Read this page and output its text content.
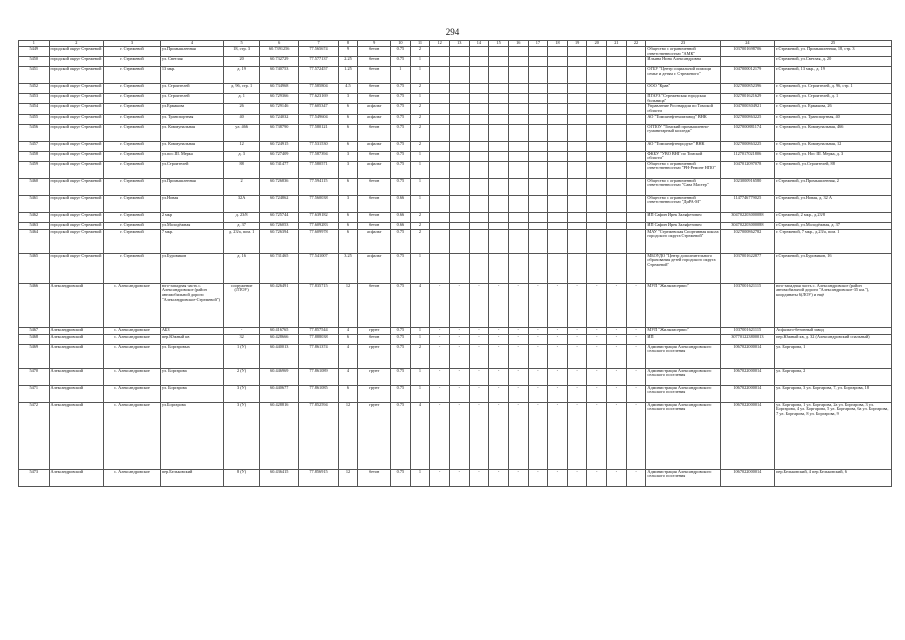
294
1	2	3	4	5	6	7	8	9	10	11	12	13	14	15	16	17	18	19	20	21	22	23	24	25
5449	городской округ Стрежевой	г. Стрежевой	ул.Промышленная	18, стр. 3	60.7391256	77.565674	9	бетон	0.75	2												Общество с ограниченной ответственностью "АМК"	1037001698706	г.Стрежевой, ул. Промышленная, 18, стр. 3
5450	городской округ Стрежевой	г. Стрежевой	ул. Светлая	20	60.732729	77.577137	2.25	бетон	0.75	1												Ильина Нина Александровна		г.Стрежевой, ул.Светлая, д. 20
5451	городской округ Стрежевой	г. Стрежевой	13 мкр.	д. 19	60.740753	77.572457	1.25	бетон	1	1												ОГБУ "Центр социальной помощи семье и детям г. Стрежевого"	1047000012179	г.Стрежевой, 13 мкр., д. 19
5452	городской округ Стрежевой	г. Стрежевой	ул. Строителей	д. 96, стр. 1	60.734968	77.585804	4.5	бетон	0.75	2												ООО "Крав"	1027000852396	г. Стрежевой, ул. Строителей, д. 96, стр. 1
5453	городской округ Стрежевой	г. Стрежевой	ул. Строителей	д. 1	60.729366	77.623169	3	бетон	0.75	1												ПГАУЗ "Стрежевская городская больница"	1027001621629	г. Стрежевой, ул. Строителей, д. 1
5454	городской округ Стрежевой	г. Стрежевой	ул.Ермакова	26	60.729146	77.605347	6	асфальт	0.75	2												Управление Росгвардии по Томской области	1047000304921	г. Стрежевой, ул. Ермакова, 26
5455	городской округ Стрежевой	г. Стрежевой	ул. Транспортная	40	60.724032	77.549604	6	асфальт	0.75	2												АО "Томскнефтехимзавод" ВНК	1027000863225	г. Стрежевой, ул. Транспортная, 40
5456	городской округ Стрежевой	г. Стрежевой	ул. Коммунальная	ул. 466	60.738790	77.580121	6	бетон	0.75	2												ОГПОУ "Томский промышленно-гуманитарный колледж"	1027000881174	г. Стрежевой, ул. Коммунальная, 466
5457	городской округ Стрежевой	г. Стрежевой	ул. Коммунальная	12	60.724915	77.531530	6	асфальт	0.75	2												АО "Томскнефтепродукт" ВНК	1027000863225	г. Стрежевой, ул. Коммунальная, 12
5458	городской округ Стрежевой	г. Стрежевой	ул.пос.III. Мерка	д. 3	60.727409	77.587394	3	бетон	0.75	1												ФКБУ "УВО ВНГ по Томской области"	1127017021806	г. Стрежевой, ул. Нос III. Мерка, д. 3
5459	городской округ Стрежевой	г. Стрежевой	ул.Строителей	88	60.741477	77.580571	3	асфальт	0.75	1												Общество с ограниченной ответственностью "РН-Ремонт НПО"	1047012097078	г. Стрежевой, ул.Строителей, 88
5460	городской округ Стрежевой	г. Стрежевой	ул.Промышленная	2	60.726836	77.594115	6	бетон	0.75	1												Общество с ограниченной ответственностью "Сава Мастер"	1023000916580	г.Стрежевой, ул.Промышленная, 2
5461	городской округ Стрежевой	г. Стрежевой	ул.Новая	32А	60.724862	77.560038	3	бетон	0.66	1												Общество с ограниченной ответственностью "ДиРА-М"	1147746779025	г.Стрежевой, ул.Новая, д. 32 А
5462	городской округ Стрежевой	г. Стрежевой	2 мкр	д. 23/8	60.725744	77.639182	6	бетон	0.66	2												ИП Сафин Ирек Заляфетович	304702203000088	г.Стрежевой, 2 мкр., д.23/8
5463	городской округ Стрежевой	г. Стрежевой	ул.Молодёжная	д. 37	60.726053	77.609283	6	бетон	0.66	2												ИП Сафин Ирек Заляфетович	304702203000088	г.Стрежевой, ул.Молодёжная, д. 37
5464	городской округ Стрежевой	г. Стрежевой	7 мкр.	д. 23/а, пом. 1	60.726394	77.609978	6	асфальт	0.75	2												МАУ "Стрежевская Спортивная школа городского округа Стрежевой"	1027000862782	г. Стрежевой, 7 мкр., д.23/а, пом. 1
5465	городской округ Стрежевой	г. Стрежевой	ул.Буровиков	д. 16	60.731465	77.541007	3.25	асфальт	0.75	1												МБОУДО "Центр дополнительного образования детей городского округа Стрежевой"	1037001622877	г.Стрежевой, ул.Буровиков, 16
5466	Александровский	с. Александровское	юго-западная часть с. Александровское (район автомобильной дороги "Александровское-Стрежевой")	сооружение (ЛТОУ)	60.426491	77.835715	12	бетон	0.75	4	-	-	-	-	-	-	-	-	-	-	-	МУП "Жилкомсервис"	1037001621115	юго-западная часть с. Александровское (район автомобильной дороги "Александровское-35 км."), координаты 6(ЛОУ) и ещё
5467	Александровский	с. Александровское	АБЗ	-	60.416765	77.857544	4	грунт	0.75	1	-	-	-	-	-	-	-	-	-	-	-	МУП "Жилкомсервис"	1037001621115	Асфальто-бетонный завод
5468	Александровский	с. Александровское	пер.Южный кв	32	60.428666	77.888038	6	бетон	0.75	1	-	-	-	-	-	-	-	-	-	-	-	ИП	307701223800013	пер.Южный кв, д. 32 (Александровский спальный)
5469	Александровский	с. Александровское	ул. Боргаровых	1 (У)	60.440013	77.861374	4	грунт	0.75	2	-	-	-	-	-	-	-	-	-	-	-	Администрация Александровского сельского поселения	1067022000014	ул. Боргарова, 1
5470	Александровский	с. Александровское	ул. Боргарова	2 (У)	60.446969	77.861089	4	грунт	0.75	1	-	-	-	-	-	-	-	-	-	-	-	Администрация Александровского сельского поселения	1067022000014	ул. Боргарова, 2
5471	Александровский	с. Александровское	ул. Боргарова	3 (У)	60.440677	77.861085	6	грунт	0.75	1	-	-	-	-	-	-	-	-	-	-	-	Администрация Александровского сельского поселения	1067022000014	ул. Боргарова, 3 ул. Боргарова, 7, ул. Боргарова, 18
5472	Александровский	с. Александровское	ул.Боргарова	3 (У)	60.428816	77.852594	12	грунт	0.75	4	-	-	-	-	-	-	-	-	-	-	-	Администрация Александровского сельского поселения	1067022000014	ул. Боргарова, 1 ул. Боргарова, 2а ул. Боргарова, 3 ул. Боргарова, 4 ул. Боргарова, 5 ул. Боргарова, 6а ул. Боргарова, 7 ул. Боргарова, 8 ул. Боргарова, 9
5473	Александровский	с. Александровское	пер.Бельковский	8 (У)	60.436415	77.856915	12	бетон	0.75	1	-	-	-	-	-	-	-	-	-	-	-	Администрация Александровского сельского поселения	1067022000014	пер.Бельковский, 4 пер.Бельковский, 6
